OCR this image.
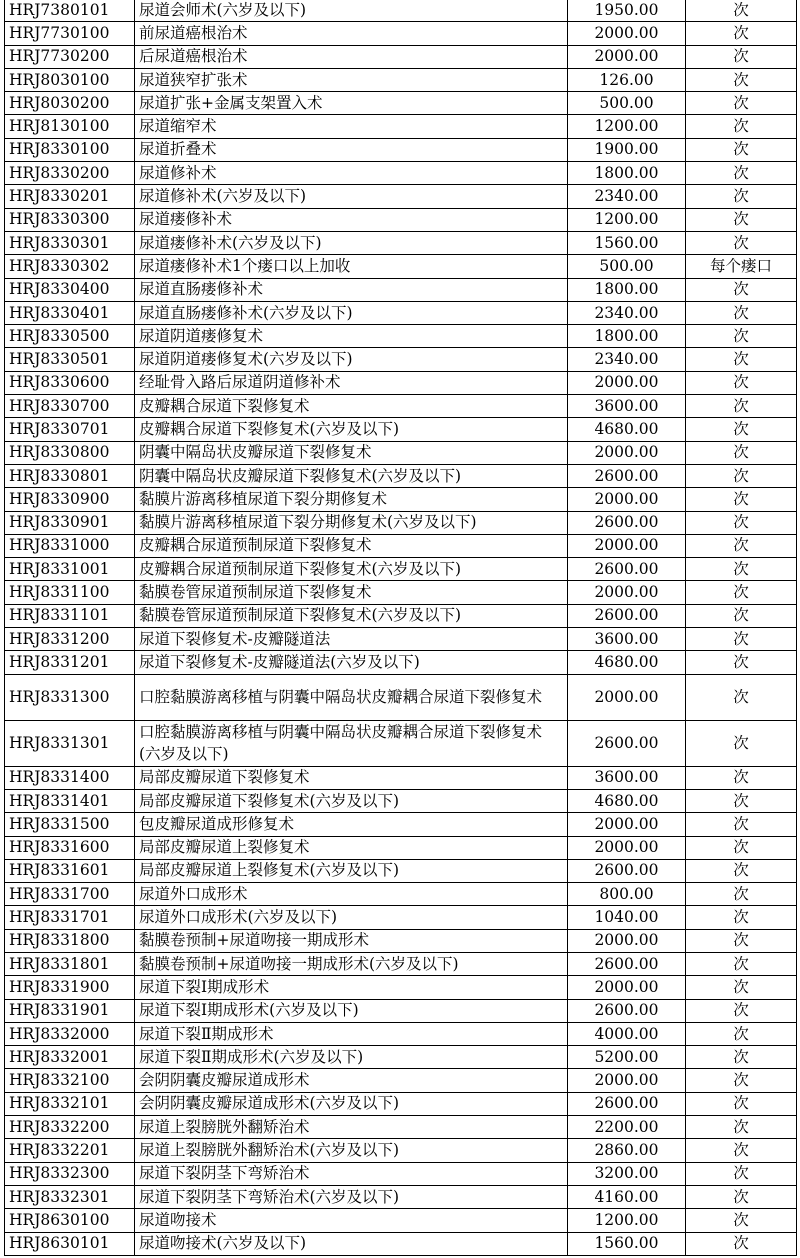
HRJ7380101	尿道会师术(六岁及以下)	1950.00	次
HRJ7730100	前尿道癌根治术	2000.00	次
HRJ7730200	后尿道癌根治术	2000.00	次
HRJ8030100	尿道狭窄扩张术	126.00	次
HRJ8030200	尿道扩张+金属支架置入术	500.00	次
HRJ8130100	尿道缩窄术	1200.00	次
HRJ8330100	尿道折叠术	1900.00	次
HRJ8330200	尿道修补术	1800.00	次
HRJ8330201	尿道修补术(六岁及以下)	2340.00	次
HRJ8330300	尿道瘘修补术	1200.00	次
HRJ8330301	尿道瘘修补术(六岁及以下)	1560.00	次
HRJ8330302	尿道瘘修补术1个瘘口以上加收	500.00	每个瘘口
HRJ8330400	尿道直肠瘘修补术	1800.00	次
HRJ8330401	尿道直肠瘘修补术(六岁及以下)	2340.00	次
HRJ8330500	尿道阴道瘘修复术	1800.00	次
HRJ8330501	尿道阴道瘘修复术(六岁及以下)	2340.00	次
HRJ8330600	经耻骨入路后尿道阴道修补术	2000.00	次
HRJ8330700	皮瓣耦合尿道下裂修复术	3600.00	次
HRJ8330701	皮瓣耦合尿道下裂修复术(六岁及以下)	4680.00	次
HRJ8330800	阴囊中隔岛状皮瓣尿道下裂修复术	2000.00	次
HRJ8330801	阴囊中隔岛状皮瓣尿道下裂修复术(六岁及以下)	2600.00	次
HRJ8330900	黏膜片游离移植尿道下裂分期修复术	2000.00	次
HRJ8330901	黏膜片游离移植尿道下裂分期修复术(六岁及以下)	2600.00	次
HRJ8331000	皮瓣耦合尿道预制尿道下裂修复术	2000.00	次
HRJ8331001	皮瓣耦合尿道预制尿道下裂修复术(六岁及以下)	2600.00	次
HRJ8331100	黏膜卷管尿道预制尿道下裂修复术	2000.00	次
HRJ8331101	黏膜卷管尿道预制尿道下裂修复术(六岁及以下)	2600.00	次
HRJ8331200	尿道下裂修复术-皮瓣隧道法	3600.00	次
HRJ8331201	尿道下裂修复术-皮瓣隧道法(六岁及以下)	4680.00	次
HRJ8331300	口腔黏膜游离移植与阴囊中隔岛状皮瓣耦合尿道下裂修复术	2000.00	次
HRJ8331301	口腔黏膜游离移植与阴囊中隔岛状皮瓣耦合尿道下裂修复术(六岁及以下)	2600.00	次
HRJ8331400	局部皮瓣尿道下裂修复术	3600.00	次
HRJ8331401	局部皮瓣尿道下裂修复术(六岁及以下)	4680.00	次
HRJ8331500	包皮瓣尿道成形修复术	2000.00	次
HRJ8331600	局部皮瓣尿道上裂修复术	2000.00	次
HRJ8331601	局部皮瓣尿道上裂修复术(六岁及以下)	2600.00	次
HRJ8331700	尿道外口成形术	800.00	次
HRJ8331701	尿道外口成形术(六岁及以下)	1040.00	次
HRJ8331800	黏膜卷预制+尿道吻接一期成形术	2000.00	次
HRJ8331801	黏膜卷预制+尿道吻接一期成形术(六岁及以下)	2600.00	次
HRJ8331900	尿道下裂Ⅰ期成形术	2000.00	次
HRJ8331901	尿道下裂Ⅰ期成形术(六岁及以下)	2600.00	次
HRJ8332000	尿道下裂Ⅱ期成形术	4000.00	次
HRJ8332001	尿道下裂Ⅱ期成形术(六岁及以下)	5200.00	次
HRJ8332100	会阴阴囊皮瓣尿道成形术	2000.00	次
HRJ8332101	会阴阴囊皮瓣尿道成形术(六岁及以下)	2600.00	次
HRJ8332200	尿道上裂膀胱外翻矫治术	2200.00	次
HRJ8332201	尿道上裂膀胱外翻矫治术(六岁及以下)	2860.00	次
HRJ8332300	尿道下裂阴茎下弯矫治术	3200.00	次
HRJ8332301	尿道下裂阴茎下弯矫治术(六岁及以下)	4160.00	次
HRJ8630100	尿道吻接术	1200.00	次
HRJ8630101	尿道吻接术(六岁及以下)	1560.00	次
